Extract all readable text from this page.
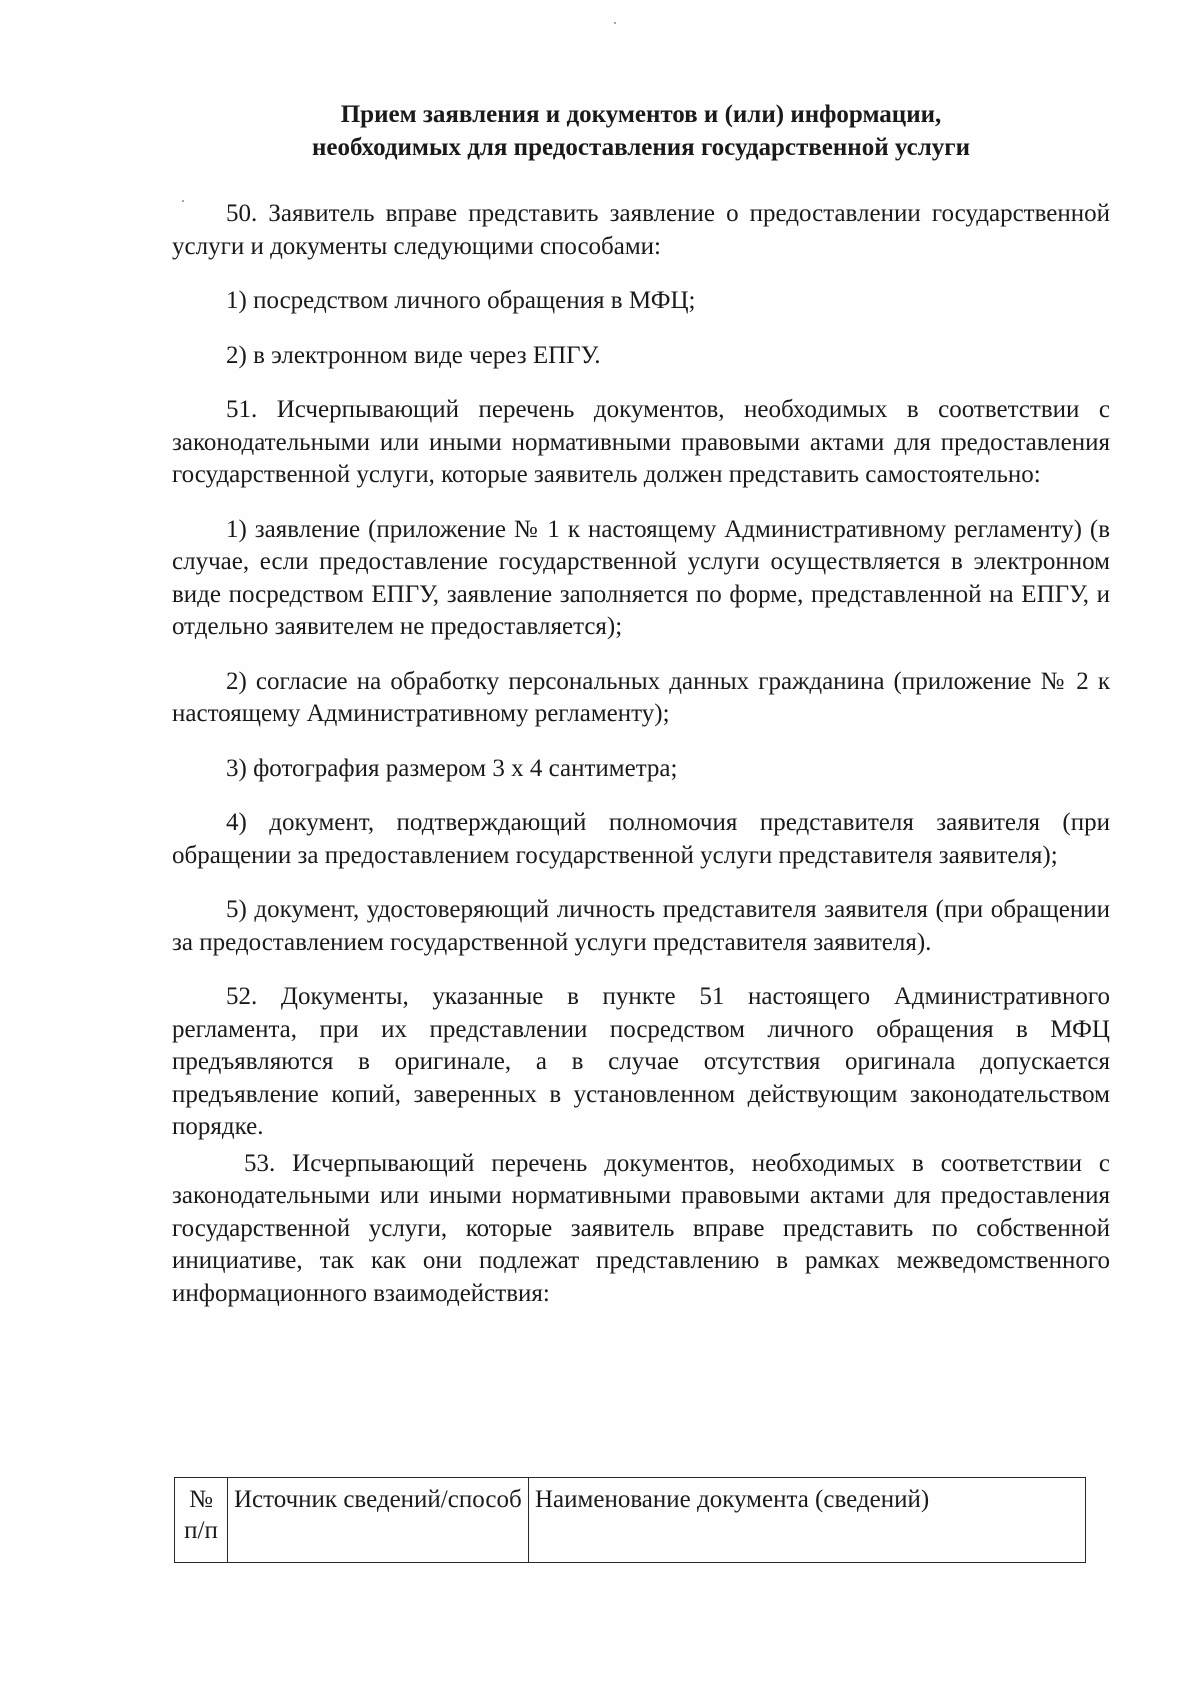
Прием заявления и документов и (или) информации,
необходимых для предоставления государственной услуги

50. Заявитель вправе представить заявление о предоставлении государственной услуги и документы следующими способами:

1) посредством личного обращения в МФЦ;

2) в электронном виде через ЕПГУ.

51. Исчерпывающий перечень документов, необходимых в соответствии с законодательными или иными нормативными правовыми актами для предоставления государственной услуги, которые заявитель должен представить самостоятельно:

1) заявление (приложение № 1 к настоящему Административному регламенту) (в случае, если предоставление государственной услуги осуществляется в электронном виде посредством ЕПГУ, заявление заполняется по форме, представленной на ЕПГУ, и отдельно заявителем не предоставляется);

2) согласие на обработку персональных данных гражданина (приложение № 2 к настоящему Административному регламенту);

3) фотография размером 3 х 4 сантиметра;

4) документ, подтверждающий полномочия представителя заявителя (при обращении за предоставлением государственной услуги представителя заявителя);

5) документ, удостоверяющий личность представителя заявителя (при обращении за предоставлением государственной услуги представителя заявителя).

52. Документы, указанные в пункте 51 настоящего Административного регламента, при их представлении посредством личного обращения в МФЦ предъявляются в оригинале, а в случае отсутствия оригинала допускается предъявление копий, заверенных в установленном действующим законодательством порядке.

53. Исчерпывающий перечень документов, необходимых в соответствии с законодательными или иными нормативными правовыми актами для предоставления государственной услуги, которые заявитель вправе представить по собственной инициативе, так как они подлежат представлению в рамках межведомственного информационного взаимодействия:

№ п/п	Источник сведений/способ	Наименование документа (сведений)
